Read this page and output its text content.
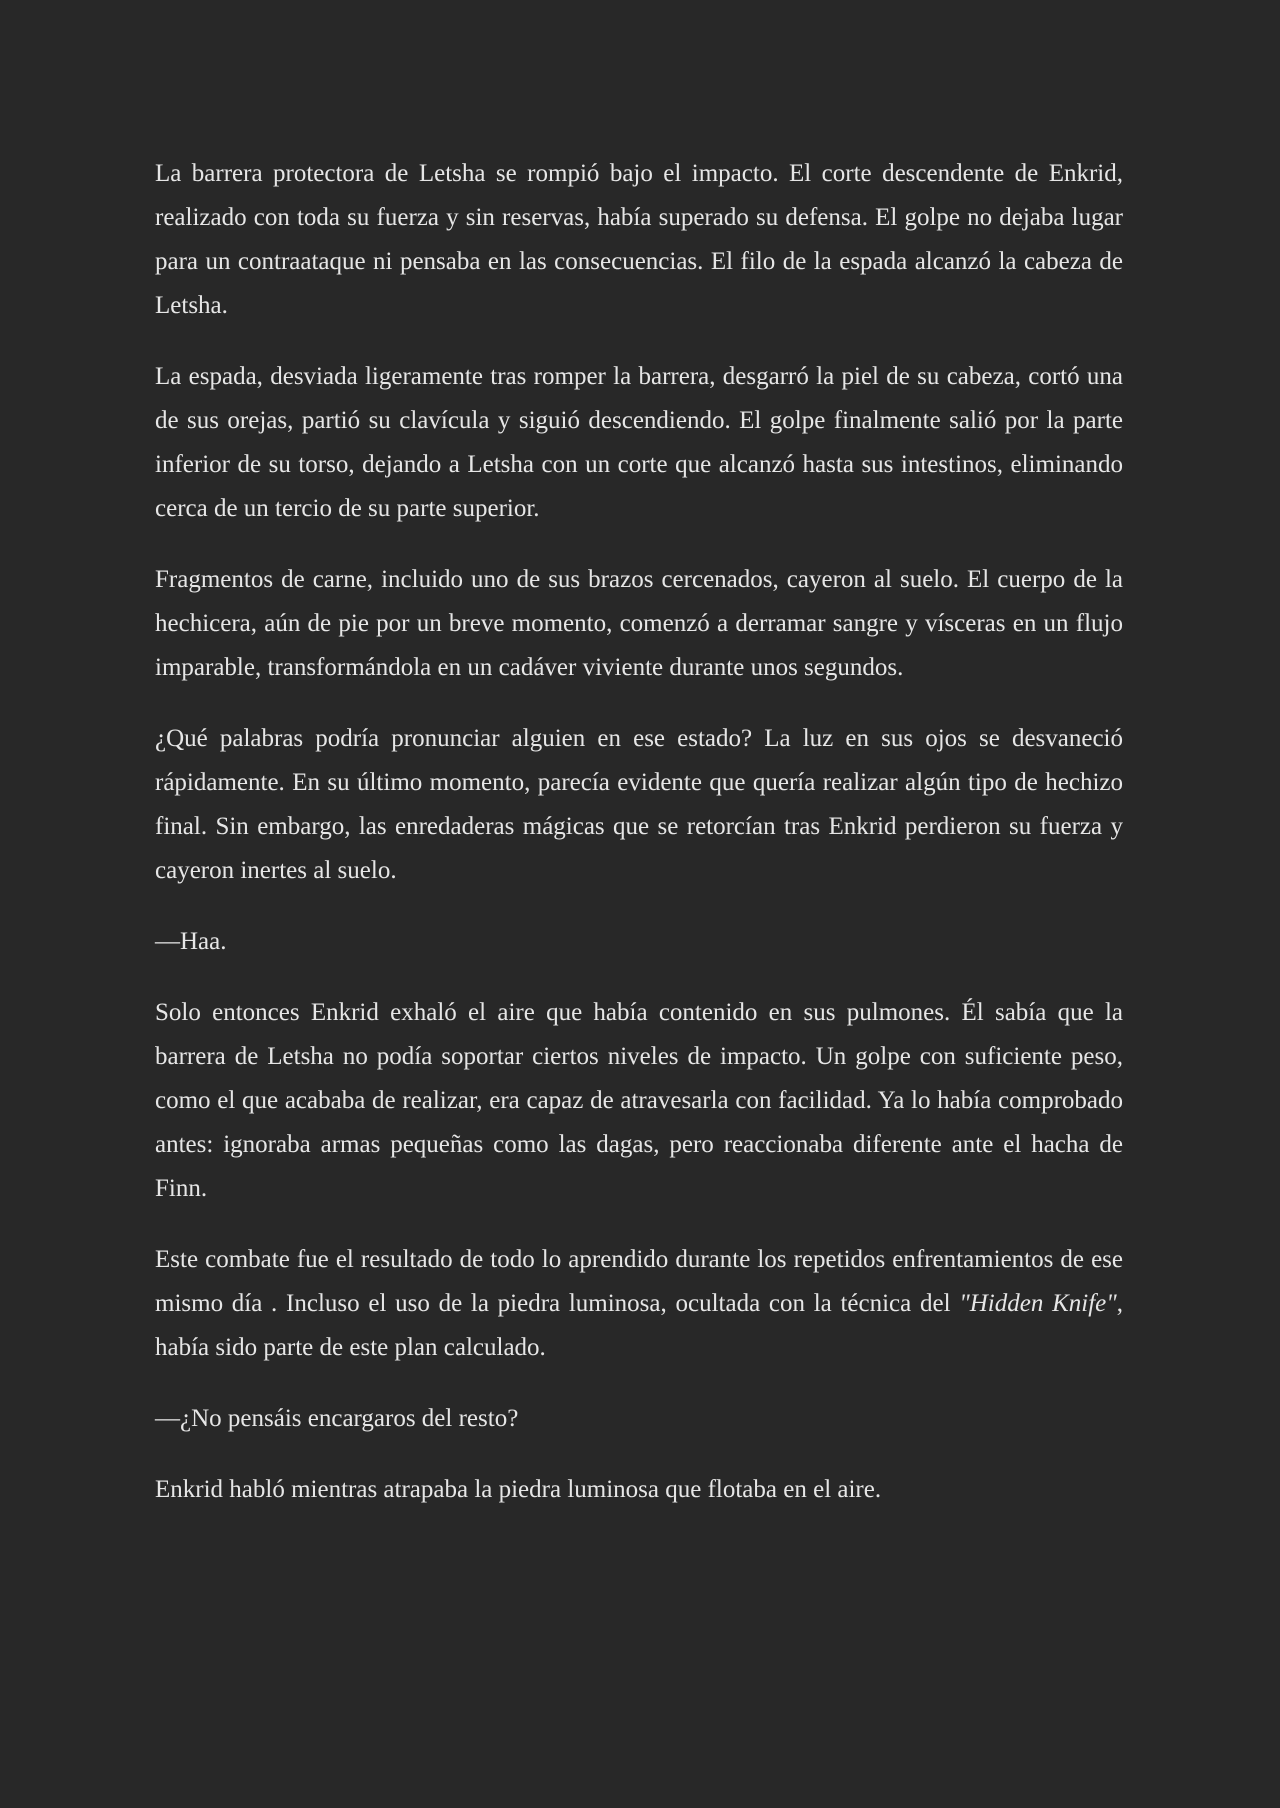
La barrera protectora de Letsha se rompió bajo el impacto. El corte descendente de Enkrid, realizado con toda su fuerza y sin reservas, había superado su defensa. El golpe no dejaba lugar para un contraataque ni pensaba en las consecuencias. El filo de la espada alcanzó la cabeza de Letsha.

La espada, desviada ligeramente tras romper la barrera, desgarró la piel de su cabeza, cortó una de sus orejas, partió su clavícula y siguió descendiendo. El golpe finalmente salió por la parte inferior de su torso, dejando a Letsha con un corte que alcanzó hasta sus intestinos, eliminando cerca de un tercio de su parte superior.

Fragmentos de carne, incluido uno de sus brazos cercenados, cayeron al suelo. El cuerpo de la hechicera, aún de pie por un breve momento, comenzó a derramar sangre y vísceras en un flujo imparable, transformándola en un cadáver viviente durante unos segundos.

¿Qué palabras podría pronunciar alguien en ese estado? La luz en sus ojos se desvaneció rápidamente. En su último momento, parecía evidente que quería realizar algún tipo de hechizo final. Sin embargo, las enredaderas mágicas que se retorcían tras Enkrid perdieron su fuerza y cayeron inertes al suelo.

—Haa.

Solo entonces Enkrid exhaló el aire que había contenido en sus pulmones. Él sabía que la barrera de Letsha no podía soportar ciertos niveles de impacto. Un golpe con suficiente peso, como el que acababa de realizar, era capaz de atravesarla con facilidad. Ya lo había comprobado antes: ignoraba armas pequeñas como las dagas, pero reaccionaba diferente ante el hacha de Finn.

Este combate fue el resultado de todo lo aprendido durante los repetidos enfrentamientos de ese mismo día . Incluso el uso de la piedra luminosa, ocultada con la técnica del "Hidden Knife", había sido parte de este plan calculado.

—¿No pensáis encargaros del resto?

Enkrid habló mientras atrapaba la piedra luminosa que flotaba en el aire.
